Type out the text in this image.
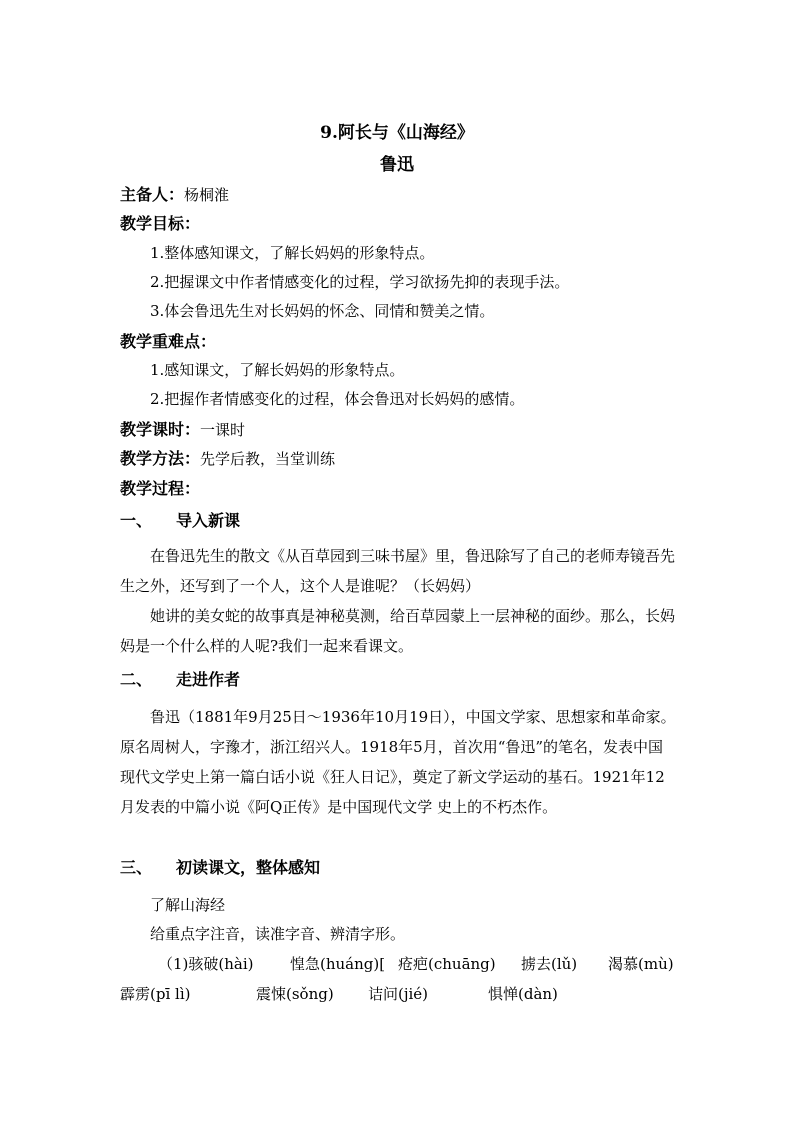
9.阿长与《山海经》
鲁迅
主备人：杨桐淮
教学目标：
1.整体感知课文，了解长妈妈的形象特点。
2.把握课文中作者情感变化的过程，学习欲扬先抑的表现手法。
3.体会鲁迅先生对长妈妈的怀念、同情和赞美之情。
教学重难点：
1.感知课文，了解长妈妈的形象特点。
2.把握作者情感变化的过程，体会鲁迅对长妈妈的感情。
教学课时：一课时
教学方法：先学后教，当堂训练
教学过程：
一、 导入新课
在鲁迅先生的散文《从百草园到三味书屋》里，鲁迅除写了自己的老师寿镜吾先生之外，还写到了一个人，这个人是谁呢？（长妈妈）
她讲的美女蛇的故事真是神秘莫测，给百草园蒙上一层神秘的面纱。那么，长妈妈是一个什么样的人呢?我们一起来看课文。
二、 走进作者
鲁迅（1881年9月25日～1936年10月19日），中国文学家、思想家和革命家。原名周树人，字豫才，浙江绍兴人。1918年5月，首次用“鲁迅”的笔名，发表中国现代文学史上第一篇白话小说《狂人日记》，奠定了新文学运动的基石。1921年12月发表的中篇小说《阿Q正传》是中国现代文学 史上的不朽杰作。
三、 初读课文，整体感知
了解山海经
给重点字注音，读准字音、辨清字形。
（1)骇破(hài) 惶急(huáng)[ 疮疤(chuāng) 掳去(lǔ) 渴慕(mù)
霹雳(pī lì)	震悚(sǒng) 诘问(jié)	惧惮(dàn)
